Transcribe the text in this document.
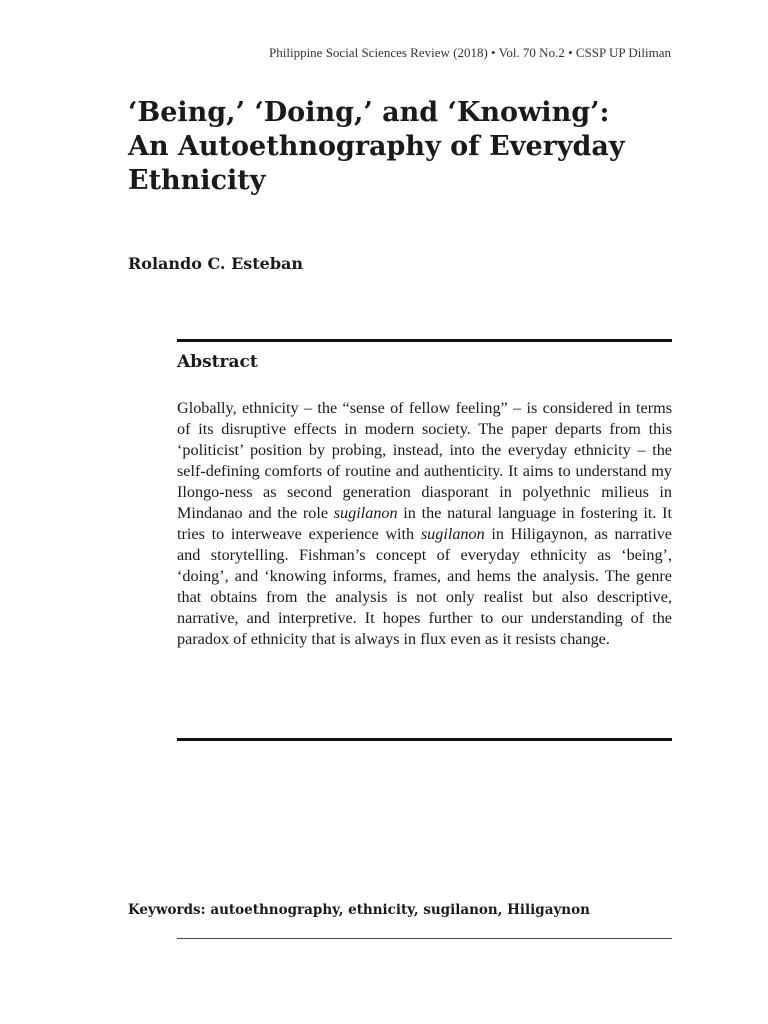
Philippine Social Sciences Review (2018) • Vol. 70 No.2 • CSSP UP Diliman
‘Being,’ ‘Doing,’ and ‘Knowing’:
An Autoethnography of Everyday
Ethnicity
Rolando C. Esteban
Abstract

Globally, ethnicity – the “sense of fellow feeling” – is considered in terms of its disruptive effects in modern society. The paper departs from this ‘politicist’ position by probing, instead, into the everyday ethnicity – the self-defining comforts of routine and authenticity. It aims to understand my Ilongo-ness as second generation diasporant in polyethnic milieus in Mindanao and the role sugilanon in the natural language in fostering it. It tries to interweave experience with sugilanon in Hiligaynon, as narrative and storytelling. Fishman’s concept of everyday ethnicity as ‘being’, ‘doing’, and ‘knowing informs, frames, and hems the analysis. The genre that obtains from the analysis is not only realist but also descriptive, narrative, and interpretive. It hopes further to our understanding of the paradox of ethnicity that is always in flux even as it resists change.

Keywords: autoethnography, ethnicity, sugilanon, Hiligaynon
